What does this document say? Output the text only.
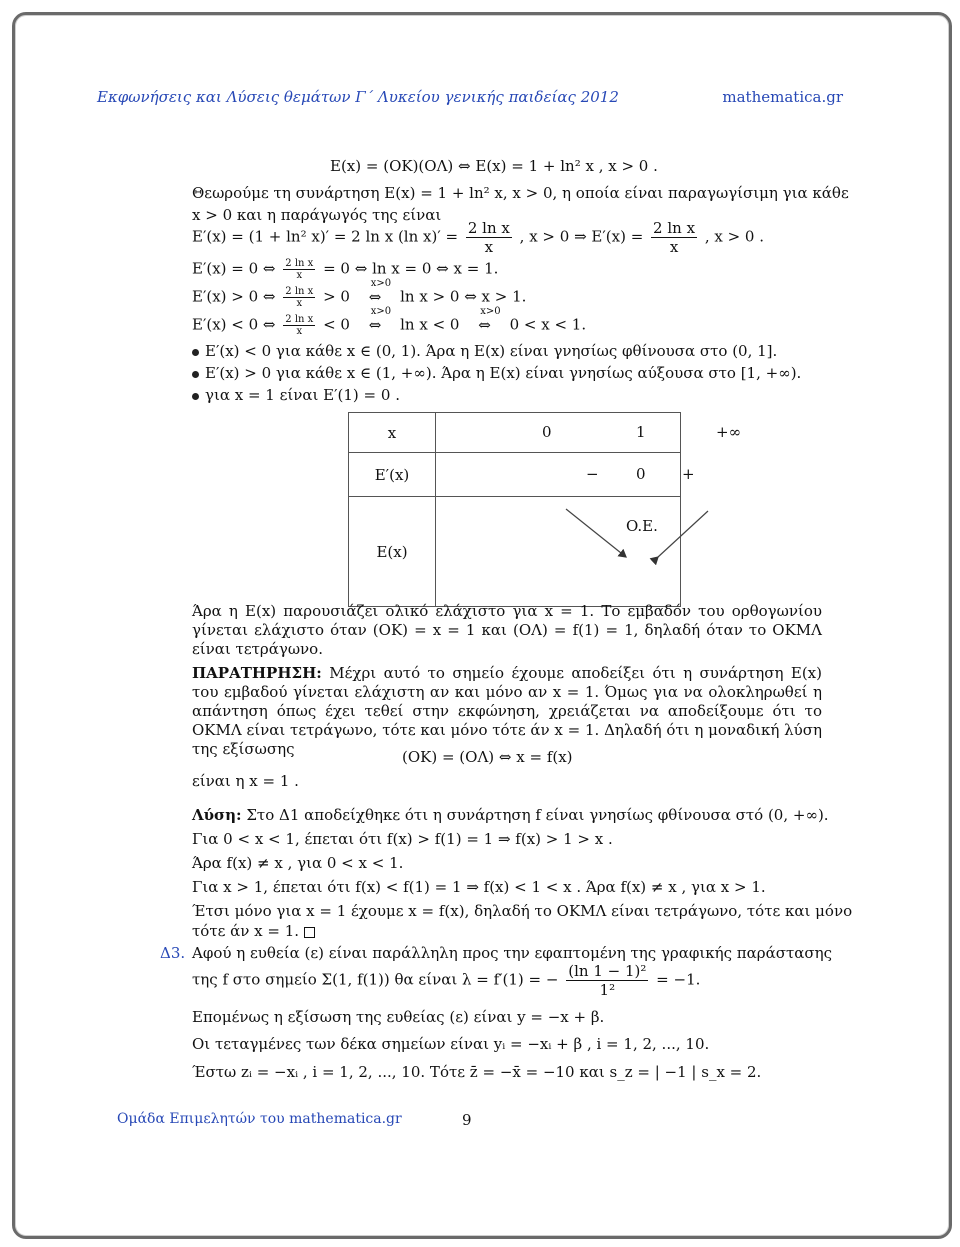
Εκφωνήσεις και Λύσεις θεμάτων Γ΄ Λυκείου γενικής παιδείας 2012	mathematica.gr
E(x) = (OK)(OΛ) ⇔ E(x) = 1 + ln² x , x > 0 .
Θεωρούμε τη συνάρτηση E(x) = 1 + ln² x, x > 0, η οποία είναι παραγωγίσιμη για κάθε
x > 0 και η παράγωγός της είναι
E′(x) = (1 + ln² x)′ = 2 ln x (ln $x)' = \frac{\text{2 ln x}}{x}$ , x > 0 ⇒ $E'(x) = \frac{\text{2 ln x}}{x}$ , x > 0 .
E′(x) = 0 ⇔ $\frac{\text{2 ln x}}{x} = 0$ ⇔ ln x = 0 ⇔ x = 1.
E′(x) > 0 ⇔ $\frac{\text{2 ln x}}{x} > 0$
x>0
⇔ ln x > 0 ⇔ x > 1.
E′(x) < 0 ⇔ $\frac{\text{2 ln x}}{x} < 0$
x>0
⇔ ln x < 0
x>0
⇔ 0 < x < 1.
E′(x) < 0 για κάθε x ∈ (0, 1). Άρα η E(x) είναι γνησίως φθίνουσα στο (0, 1].
E′(x) > 0 για κάθε x ∈ (1, +∞). Άρα η E(x) είναι γνησίως αύξουσα στο [1, +∞).
για x = 1 είναι E′(1) = 0 .
x	0 1 +∞

E′(x)	− 0 +

E(x)	O.E.
Άρα η E(x) παρουσιάζει ολικό ελάχιστο για x = 1. Το εμβαδόν του ορθογωνίου γίνεται ελάχιστο όταν (OK) = x = 1 και (OΛ) = f(1) = 1, δηλαδή όταν το OKMΛ είναι τετράγωνο.
ΠΑΡΑΤΗΡΗΣΗ: Μέχρι αυτό το σημείο έχουμε αποδείξει ότι η συνάρτηση E(x) του εμβαδού γίνεται ελάχιστη αν και μόνο αν x = 1. Όμως για να ολοκληρωθεί η απάντηση όπως έχει τεθεί στην εκφώνηση, χρειάζεται να αποδείξουμε ότι το OKMΛ είναι τετράγωνο, τότε και μόνο τότε άν x = 1. Δηλαδή ότι η μοναδική λύση της εξίσωσης	(OK) = (OΛ) ⇔ x = f(x)
είναι η x = 1 .
Λύση: Στο Δ1 αποδείχθηκε ότι η συνάρτηση f είναι γνησίως φθίνουσα στό (0, +∞).
Για 0 < x < 1, έπεται ότι f(x) > f(1) = 1 ⇒ f(x) > 1 > x .
Άρα f(x) ≠ x , για 0 < x < 1.
Για x > 1, έπεται ότι f(x) < f(1) = 1 ⇒ f(x) < 1 < x . Άρα f(x) ≠ x , για x > 1.
Έτσι μόνο για x = 1 έχουμε x = f(x), δηλαδή το OKMΛ είναι τετράγωνο, τότε και μόνο
τότε άν x = 1.
Δ3. Αφού η ευθεία (ε) είναι παράλληλη προς την εφαπτομένη της γραφικής παράστασης
της f στο σημείο Σ(1, f(1)) θα είναι λ = f′(1) = − $\frac{\text{(ln 1 − 1)²}}{\text{1²}} = -1$.
Επομένως η εξίσωση της ευθείας (ε) είναι y = −x + β.
Οι τεταγμένες των δέκα σημείων είναι yᵢ = −xᵢ + β , i = 1, 2, ..., 10.
Έστω zᵢ = −xᵢ , i = 1, 2, ..., 10. Τότε z̄ = −x̄ = −10 και s_z = | −1 | s_x = 2.
Ομάδα Επιμελητών του mathematica.gr	9
